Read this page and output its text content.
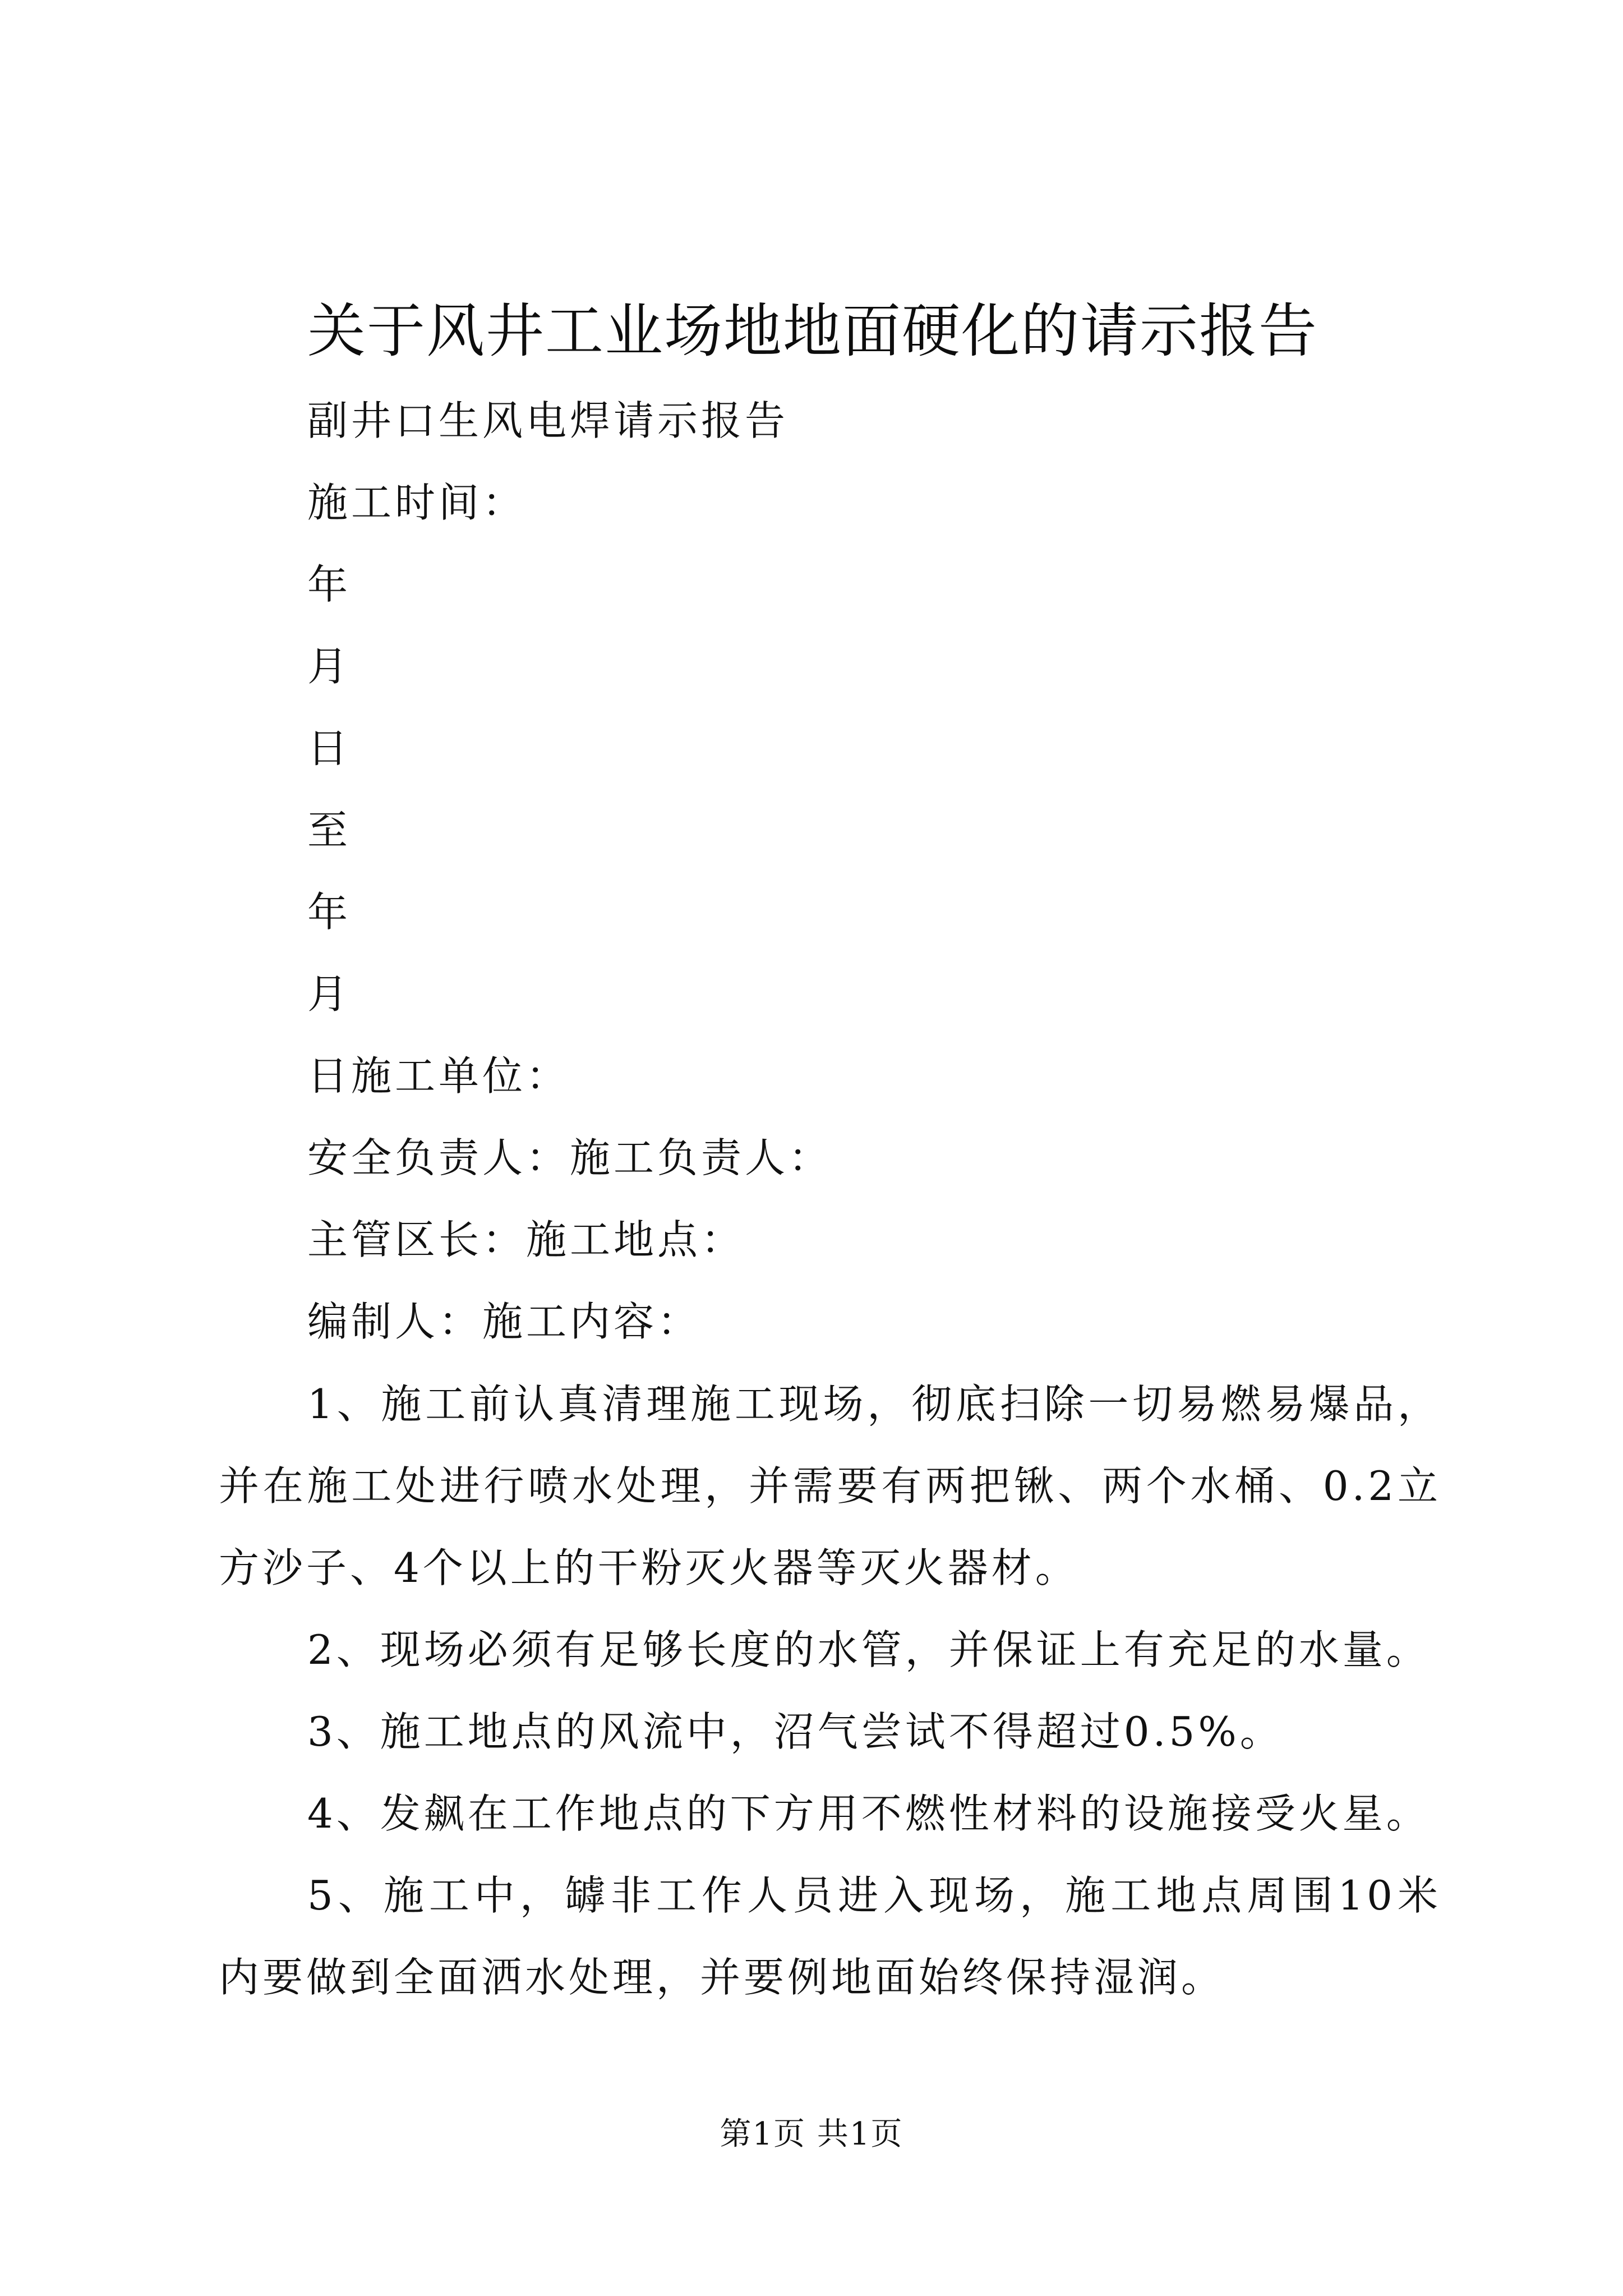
关于风井工业场地地面硬化的请示报告
副井口生风电焊请示报告
施工时间：
年
月
日
至
年
月
日施工单位：
安全负责人：施工负责人：
主管区长：施工地点：
编制人：施工内容：
1、施工前认真清理施工现场，彻底扫除一切易燃易爆品，并在施工处进行喷水处理，并需要有两把锹、两个水桶、0.2立方沙子、4个以上的干粉灭火器等灭火器材。
2、现场必须有足够长度的水管，并保证上有充足的水量。
3、施工地点的风流中，沼气尝试不得超过0.5%。
4、发飙在工作地点的下方用不燃性材料的设施接受火星。
5、施工中，罅非工作人员进入现场，施工地点周围10米内要做到全面洒水处理，并要例地面始终保持湿润。
第1页 共1页
